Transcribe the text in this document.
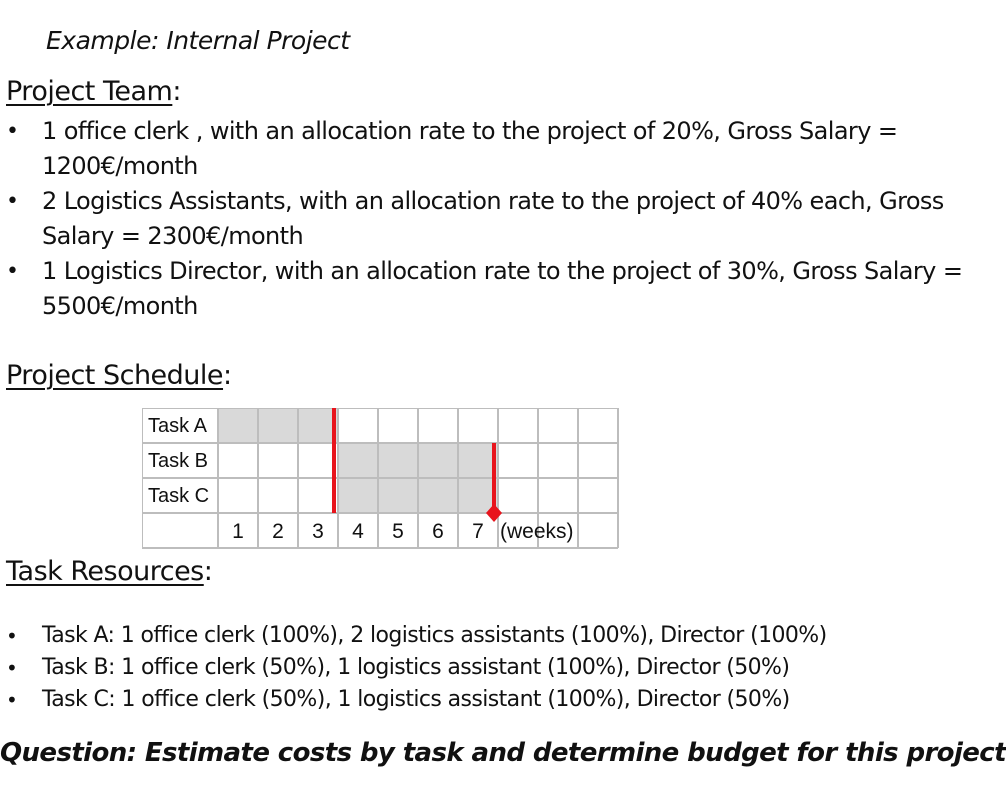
Example: Internal Project
Project Team:
• 1 office clerk , with an allocation rate to the project of 20%, Gross Salary = 1200€/month
• 2 Logistics Assistants, with an allocation rate to the project of 40% each, Gross Salary = 2300€/month
• 1 Logistics Director, with an allocation rate to the project of 30%, Gross Salary = 5500€/month
Project Schedule:
Task A
Task B
Task C
1 2 3 4 5 6 7 (weeks)
Task Resources:
• Task A: 1 office clerk (100%), 2 logistics assistants (100%), Director (100%)
• Task B: 1 office clerk (50%), 1 logistics assistant (100%), Director (50%)
• Task C: 1 office clerk (50%), 1 logistics assistant (100%), Director (50%)
Question: Estimate costs by task and determine budget for this project
